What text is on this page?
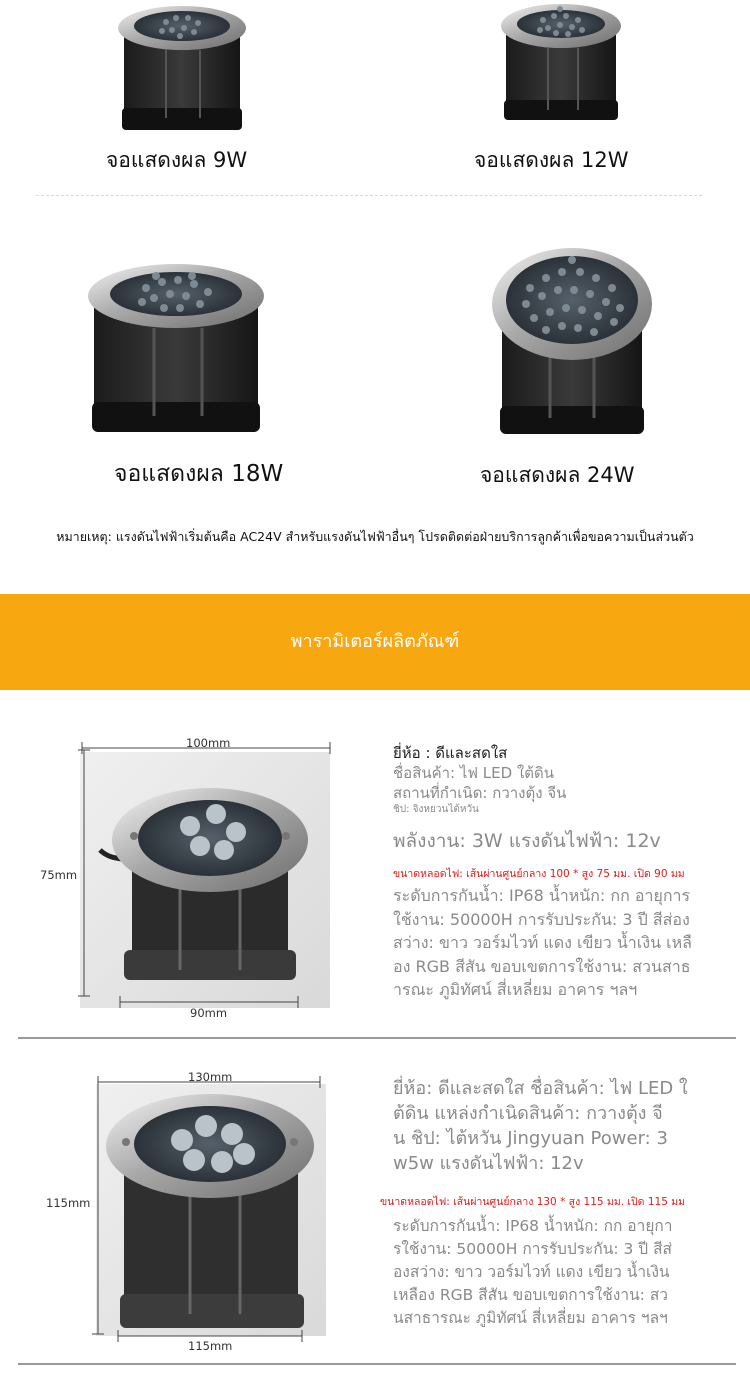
จอแสดงผล 9W	จอแสดงผล 12W
จอแสดงผล 18W	จอแสดงผล 24W
หมายเหตุ: แรงดันไฟฟ้าเริ่มต้นคือ AC24V สำหรับแรงดันไฟฟ้าอื่นๆ โปรดติดต่อฝ่ายบริการลูกค้าเพื่อขอความเป็นส่วนตัว
พารามิเตอร์ผลิตภัณฑ์
100mm
75mm
90mm
ยี่ห้อ : ดีและสดใส
ชื่อสินค้า: ไฟ LED ใต้ดิน
สถานที่กำเนิด: กวางตุ้ง จีน
ชิป: จิงหยวนไต้หวัน
พลังงาน: 3W แรงดันไฟฟ้า: 12v
ขนาดหลอดไฟ: เส้นผ่านศูนย์กลาง 100 * สูง 75 มม. เปิด 90 มม
ระดับการกันน้ำ: IP68 น้ำหนัก: กก อายุการ
ใช้งาน: 50000H การรับประกัน: 3 ปี สีส่อง
สว่าง: ขาว วอร์มไวท์ แดง เขียว น้ำเงิน เหลื
อง RGB สีสัน ขอบเขตการใช้งาน: สวนสาธ
ารณะ ภูมิทัศน์ สี่เหลี่ยม อาคาร ฯลฯ
130mm
115mm
115mm
ยี่ห้อ: ดีและสดใส ชื่อสินค้า: ไฟ LED ใ
ต้ดิน แหล่งกำเนิดสินค้า: กวางตุ้ง จี
น ชิป: ไต้หวัน Jingyuan Power: 3
w5w แรงดันไฟฟ้า: 12v
ขนาดหลอดไฟ: เส้นผ่านศูนย์กลาง 130 * สูง 115 มม. เปิด 115 มม
ระดับการกันน้ำ: IP68 น้ำหนัก: กก อายุกา
รใช้งาน: 50000H การรับประกัน: 3 ปี สีส่
องสว่าง: ขาว วอร์มไวท์ แดง เขียว น้ำเงิน
เหลือง RGB สีสัน ขอบเขตการใช้งาน: สว
นสาธารณะ ภูมิทัศน์ สี่เหลี่ยม อาคาร ฯลฯ
